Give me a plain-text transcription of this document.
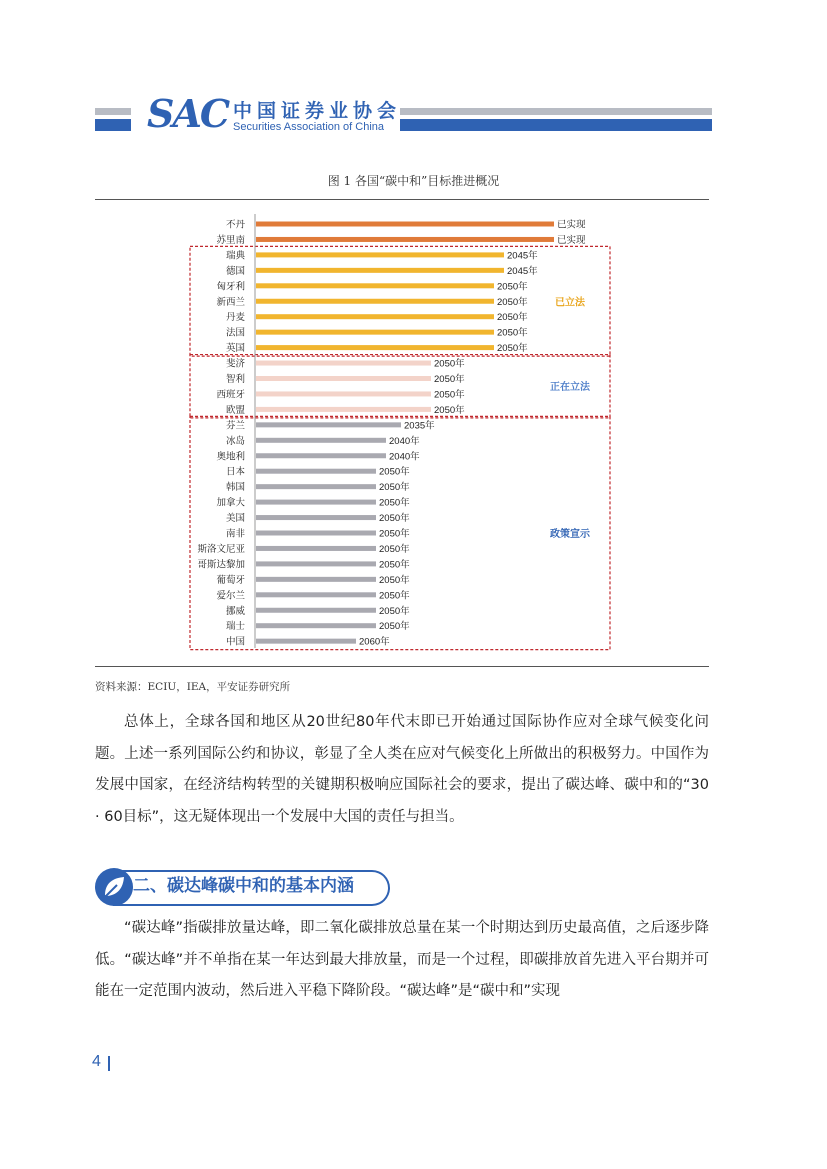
SAC 中国证券业协会
Securities Association of China
图 1 各国“碳中和”目标推进概况
已立法
正在立法
政策宣示
不丹	已实现
苏里南	已实现
瑞典	2045年
德国	2045年
匈牙利	2050年
新西兰	2050年
丹麦	2050年
法国	2050年
英国	2050年
斐济	2050年
智利	2050年
西班牙	2050年
欧盟	2050年
芬兰	2035年
冰岛	2040年
奥地利	2040年
日本	2050年
韩国	2050年
加拿大	2050年
美国	2050年
南非	2050年
斯洛文尼亚	2050年
哥斯达黎加	2050年
葡萄牙	2050年
爱尔兰	2050年
挪威	2050年
瑞士	2050年
中国	2060年
资料来源：ECIU，IEA，平安证券研究所

总体上，全球各国和地区从20世纪80年代末即已开始通过国际协作应对全球气候变化问题。上述一系列国际公约和协议，彰显了全人类在应对气候变化上所做出的积极努力。中国作为发展中国家，在经济结构转型的关键期积极响应国际社会的要求，提出了碳达峰、碳中和的“30 · 60目标”，这无疑体现出一个发展中大国的责任与担当。

二、碳达峰碳中和的基本内涵

“碳达峰”指碳排放量达峰，即二氧化碳排放总量在某一个时期达到历史最高值，之后逐步降低。“碳达峰”并不单指在某一年达到最大排放量，而是一个过程，即碳排放首先进入平台期并可能在一定范围内波动，然后进入平稳下降阶段。“碳达峰”是“碳中和”实现

4
